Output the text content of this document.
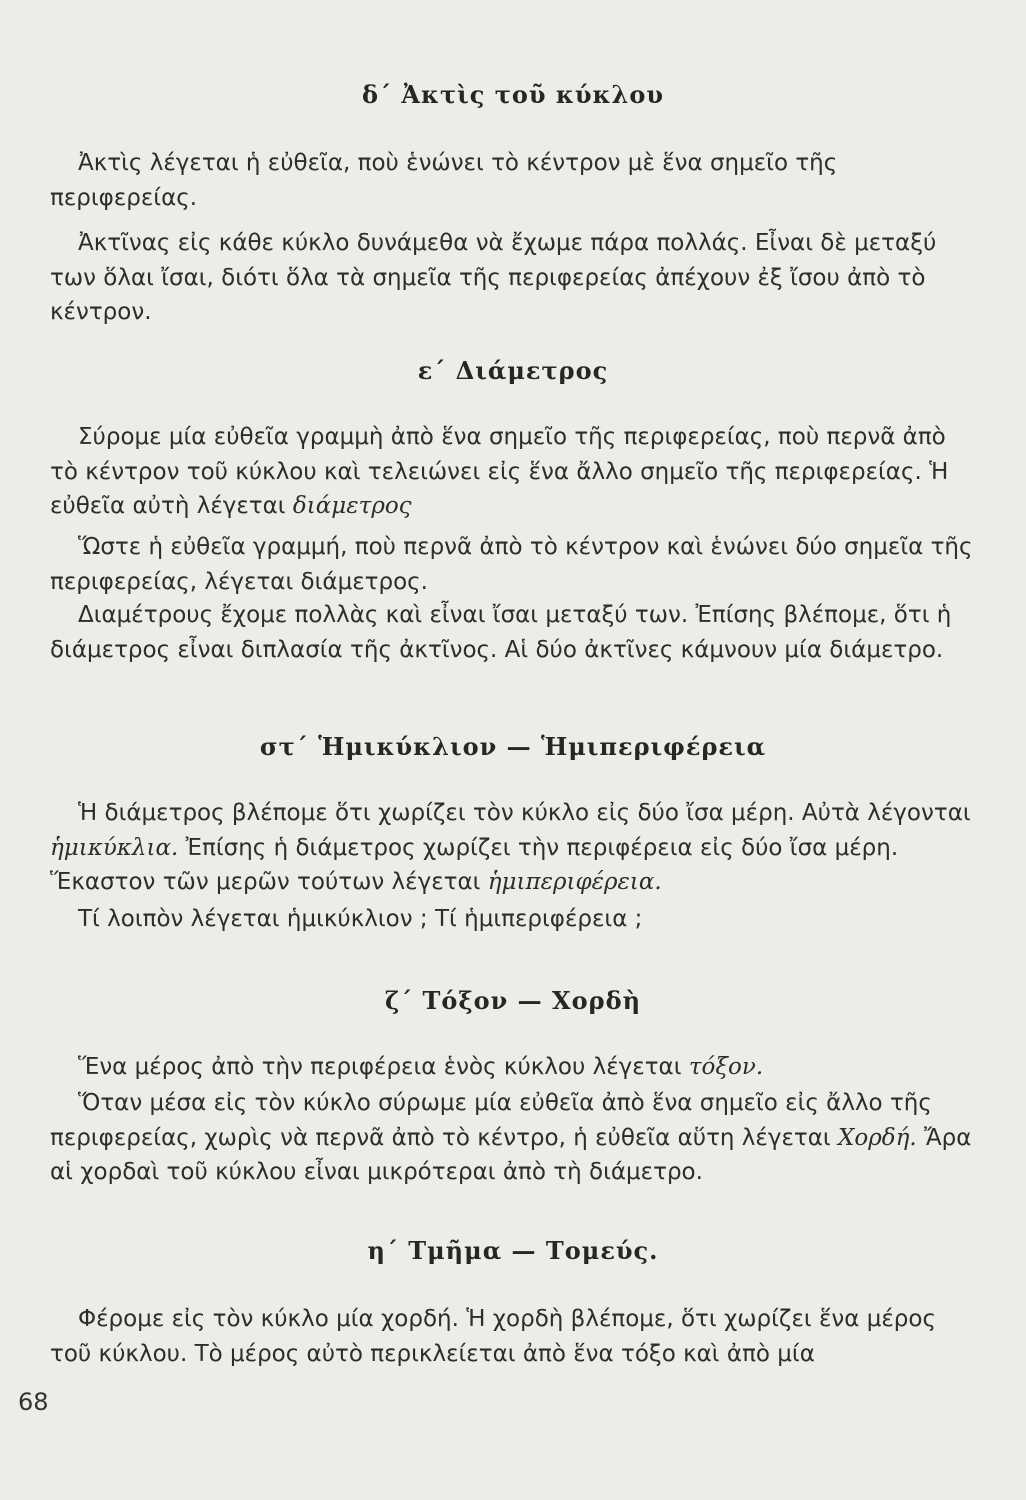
δ΄ Ἀκτὶς τοῦ κύκλου

Ἀκτὶς λέγεται ἡ εὐθεῖα, ποὺ ἑνώνει τὸ κέντρον μὲ ἕνα σημεῖο τῆς περιφερείας.

Ἀκτῖνας εἰς κάθε κύκλο δυνάμεθα νὰ ἔχωμε πάρα πολλάς. Εἶναι δὲ μεταξύ των ὅλαι ἴσαι, διότι ὅλα τὰ σημεῖα τῆς περιφερείας ἀπέχουν ἐξ ἴσου ἀπὸ τὸ κέντρον.

ε΄ Διάμετρος

Σύρομε μία εὐθεῖα γραμμὴ ἀπὸ ἕνα σημεῖο τῆς περιφερείας, ποὺ περνᾶ ἀπὸ τὸ κέντρον τοῦ κύκλου καὶ τελειώνει εἰς ἕνα ἄλλο σημεῖο τῆς περιφερείας. Ἡ εὐθεῖα αὐτὴ λέγεται διάμετρος

Ὥστε ἡ εὐθεῖα γραμμή, ποὺ περνᾶ ἀπὸ τὸ κέντρον καὶ ἑνώνει δύο σημεῖα τῆς περιφερείας, λέγεται διάμετρος.

Διαμέτρους ἔχομε πολλὰς καὶ εἶναι ἴσαι μεταξύ των. Ἐπίσης βλέπομε, ὅτι ἡ διάμετρος εἶναι διπλασία τῆς ἀκτῖνος. Αἱ δύο ἀκτῖνες κάμνουν μία διάμετρο.

στ΄ Ἡμικύκλιον — Ἡμιπεριφέρεια

Ἡ διάμετρος βλέπομε ὅτι χωρίζει τὸν κύκλο εἰς δύο ἴσα μέρη. Αὐτὰ λέγονται ἡμικύκλια. Ἐπίσης ἡ διάμετρος χωρίζει τὴν περιφέρεια εἰς δύο ἴσα μέρη. Ἕκαστον τῶν μερῶν τούτων λέγεται ἡμιπεριφέρεια.

Τί λοιπὸν λέγεται ἡμικύκλιον ; Τί ἡμιπεριφέρεια ;

ζ΄ Τόξον — Χορδὴ

Ἕνα μέρος ἀπὸ τὴν περιφέρεια ἑνὸς κύκλου λέγεται τόξον.

Ὅταν μέσα εἰς τὸν κύκλο σύρωμε μία εὐθεῖα ἀπὸ ἕνα σημεῖο εἰς ἄλλο τῆς περιφερείας, χωρὶς νὰ περνᾶ ἀπὸ τὸ κέντρο, ἡ εὐθεῖα αὕτη λέγεται Χορδή. Ἄρα αἱ χορδαὶ τοῦ κύκλου εἶναι μικρότεραι ἀπὸ τὴ διάμετρο.

η΄ Τμῆμα — Τομεύς.

Φέρομε εἰς τὸν κύκλο μία χορδή. Ἡ χορδὴ βλέπομε, ὅτι χωρίζει ἕνα μέρος τοῦ κύκλου. Τὸ μέρος αὐτὸ περικλείεται ἀπὸ ἕνα τόξο καὶ ἀπὸ μία

68
